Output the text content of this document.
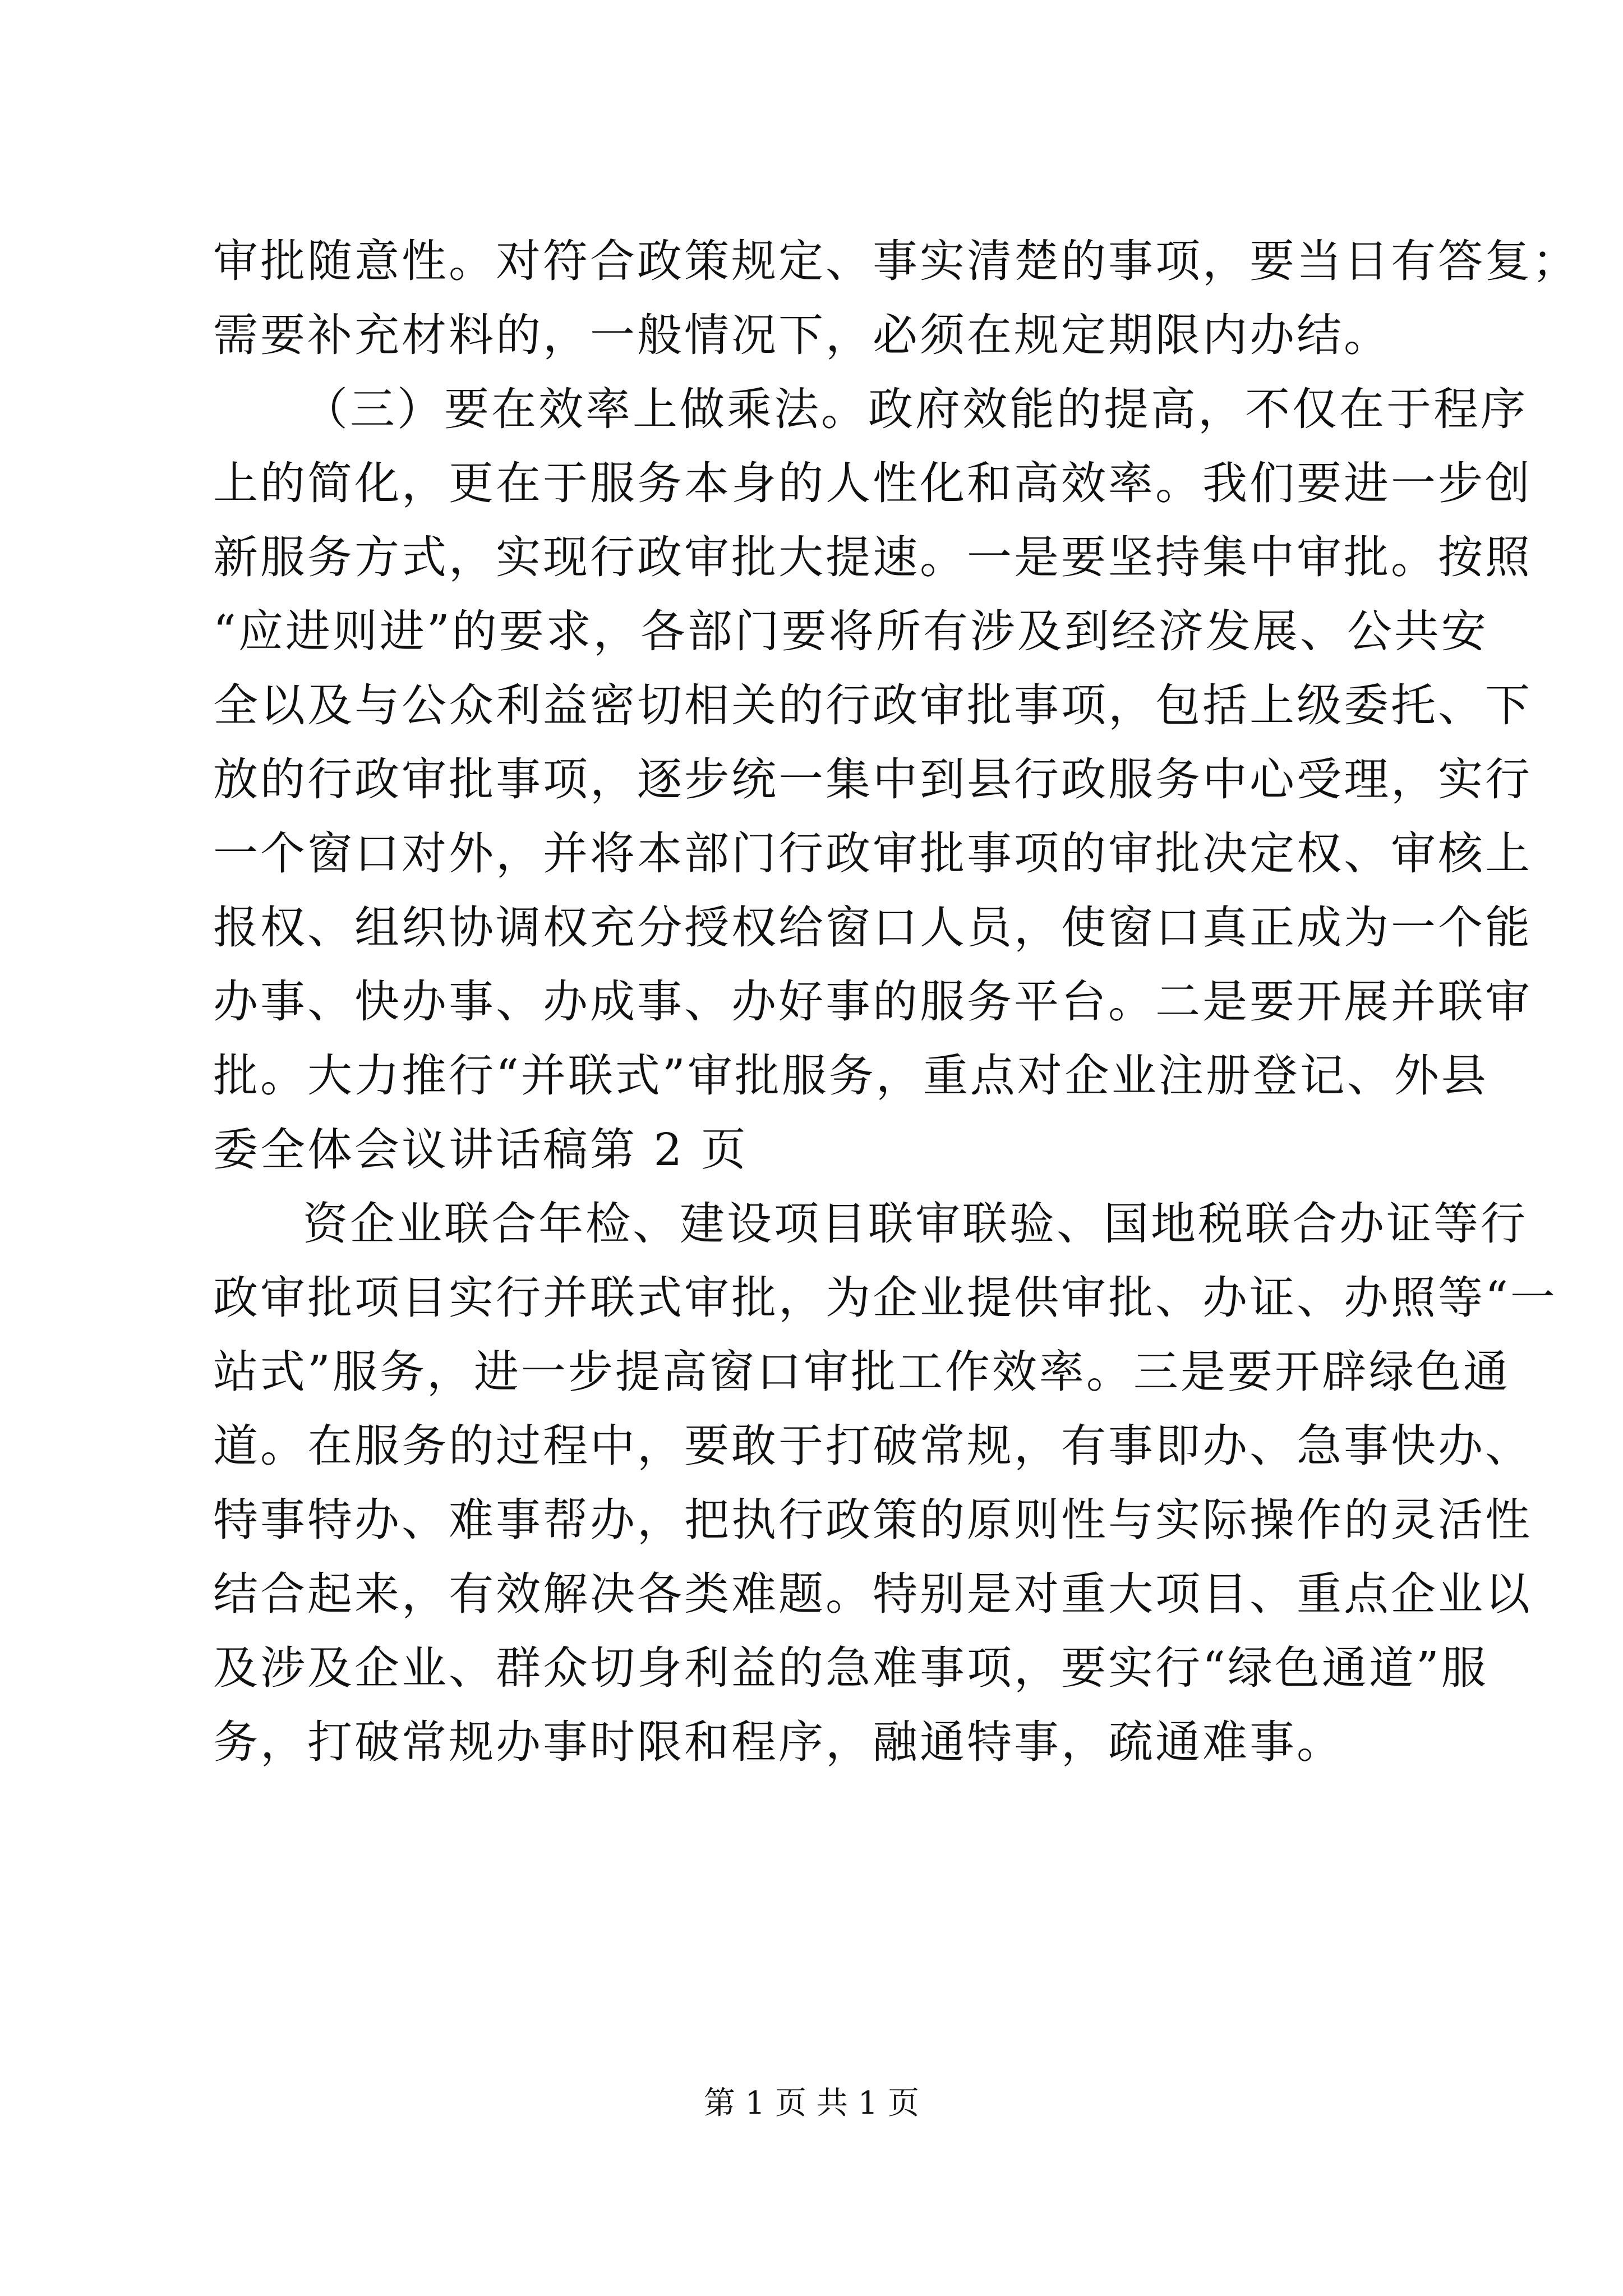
审批随意性。对符合政策规定、事实清楚的事项，要当日有答复；
需要补充材料的，一般情况下，必须在规定期限内办结。
（三）要在效率上做乘法。政府效能的提高，不仅在于程序
上的简化，更在于服务本身的人性化和高效率。我们要进一步创
新服务方式，实现行政审批大提速。一是要坚持集中审批。按照
“应进则进”的要求，各部门要将所有涉及到经济发展、公共安
全以及与公众利益密切相关的行政审批事项，包括上级委托、下
放的行政审批事项，逐步统一集中到县行政服务中心受理，实行
一个窗口对外，并将本部门行政审批事项的审批决定权、审核上
报权、组织协调权充分授权给窗口人员，使窗口真正成为一个能
办事、快办事、办成事、办好事的服务平台。二是要开展并联审
批。大力推行“并联式”审批服务，重点对企业注册登记、外县
委全体会议讲话稿第 2 页
资企业联合年检、建设项目联审联验、国地税联合办证等行
政审批项目实行并联式审批，为企业提供审批、办证、办照等“一
站式”服务，进一步提高窗口审批工作效率。三是要开辟绿色通
道。在服务的过程中，要敢于打破常规，有事即办、急事快办、
特事特办、难事帮办，把执行政策的原则性与实际操作的灵活性
结合起来，有效解决各类难题。特别是对重大项目、重点企业以
及涉及企业、群众切身利益的急难事项，要实行“绿色通道”服
务，打破常规办事时限和程序，融通特事，疏通难事。
第 1 页 共 1 页
